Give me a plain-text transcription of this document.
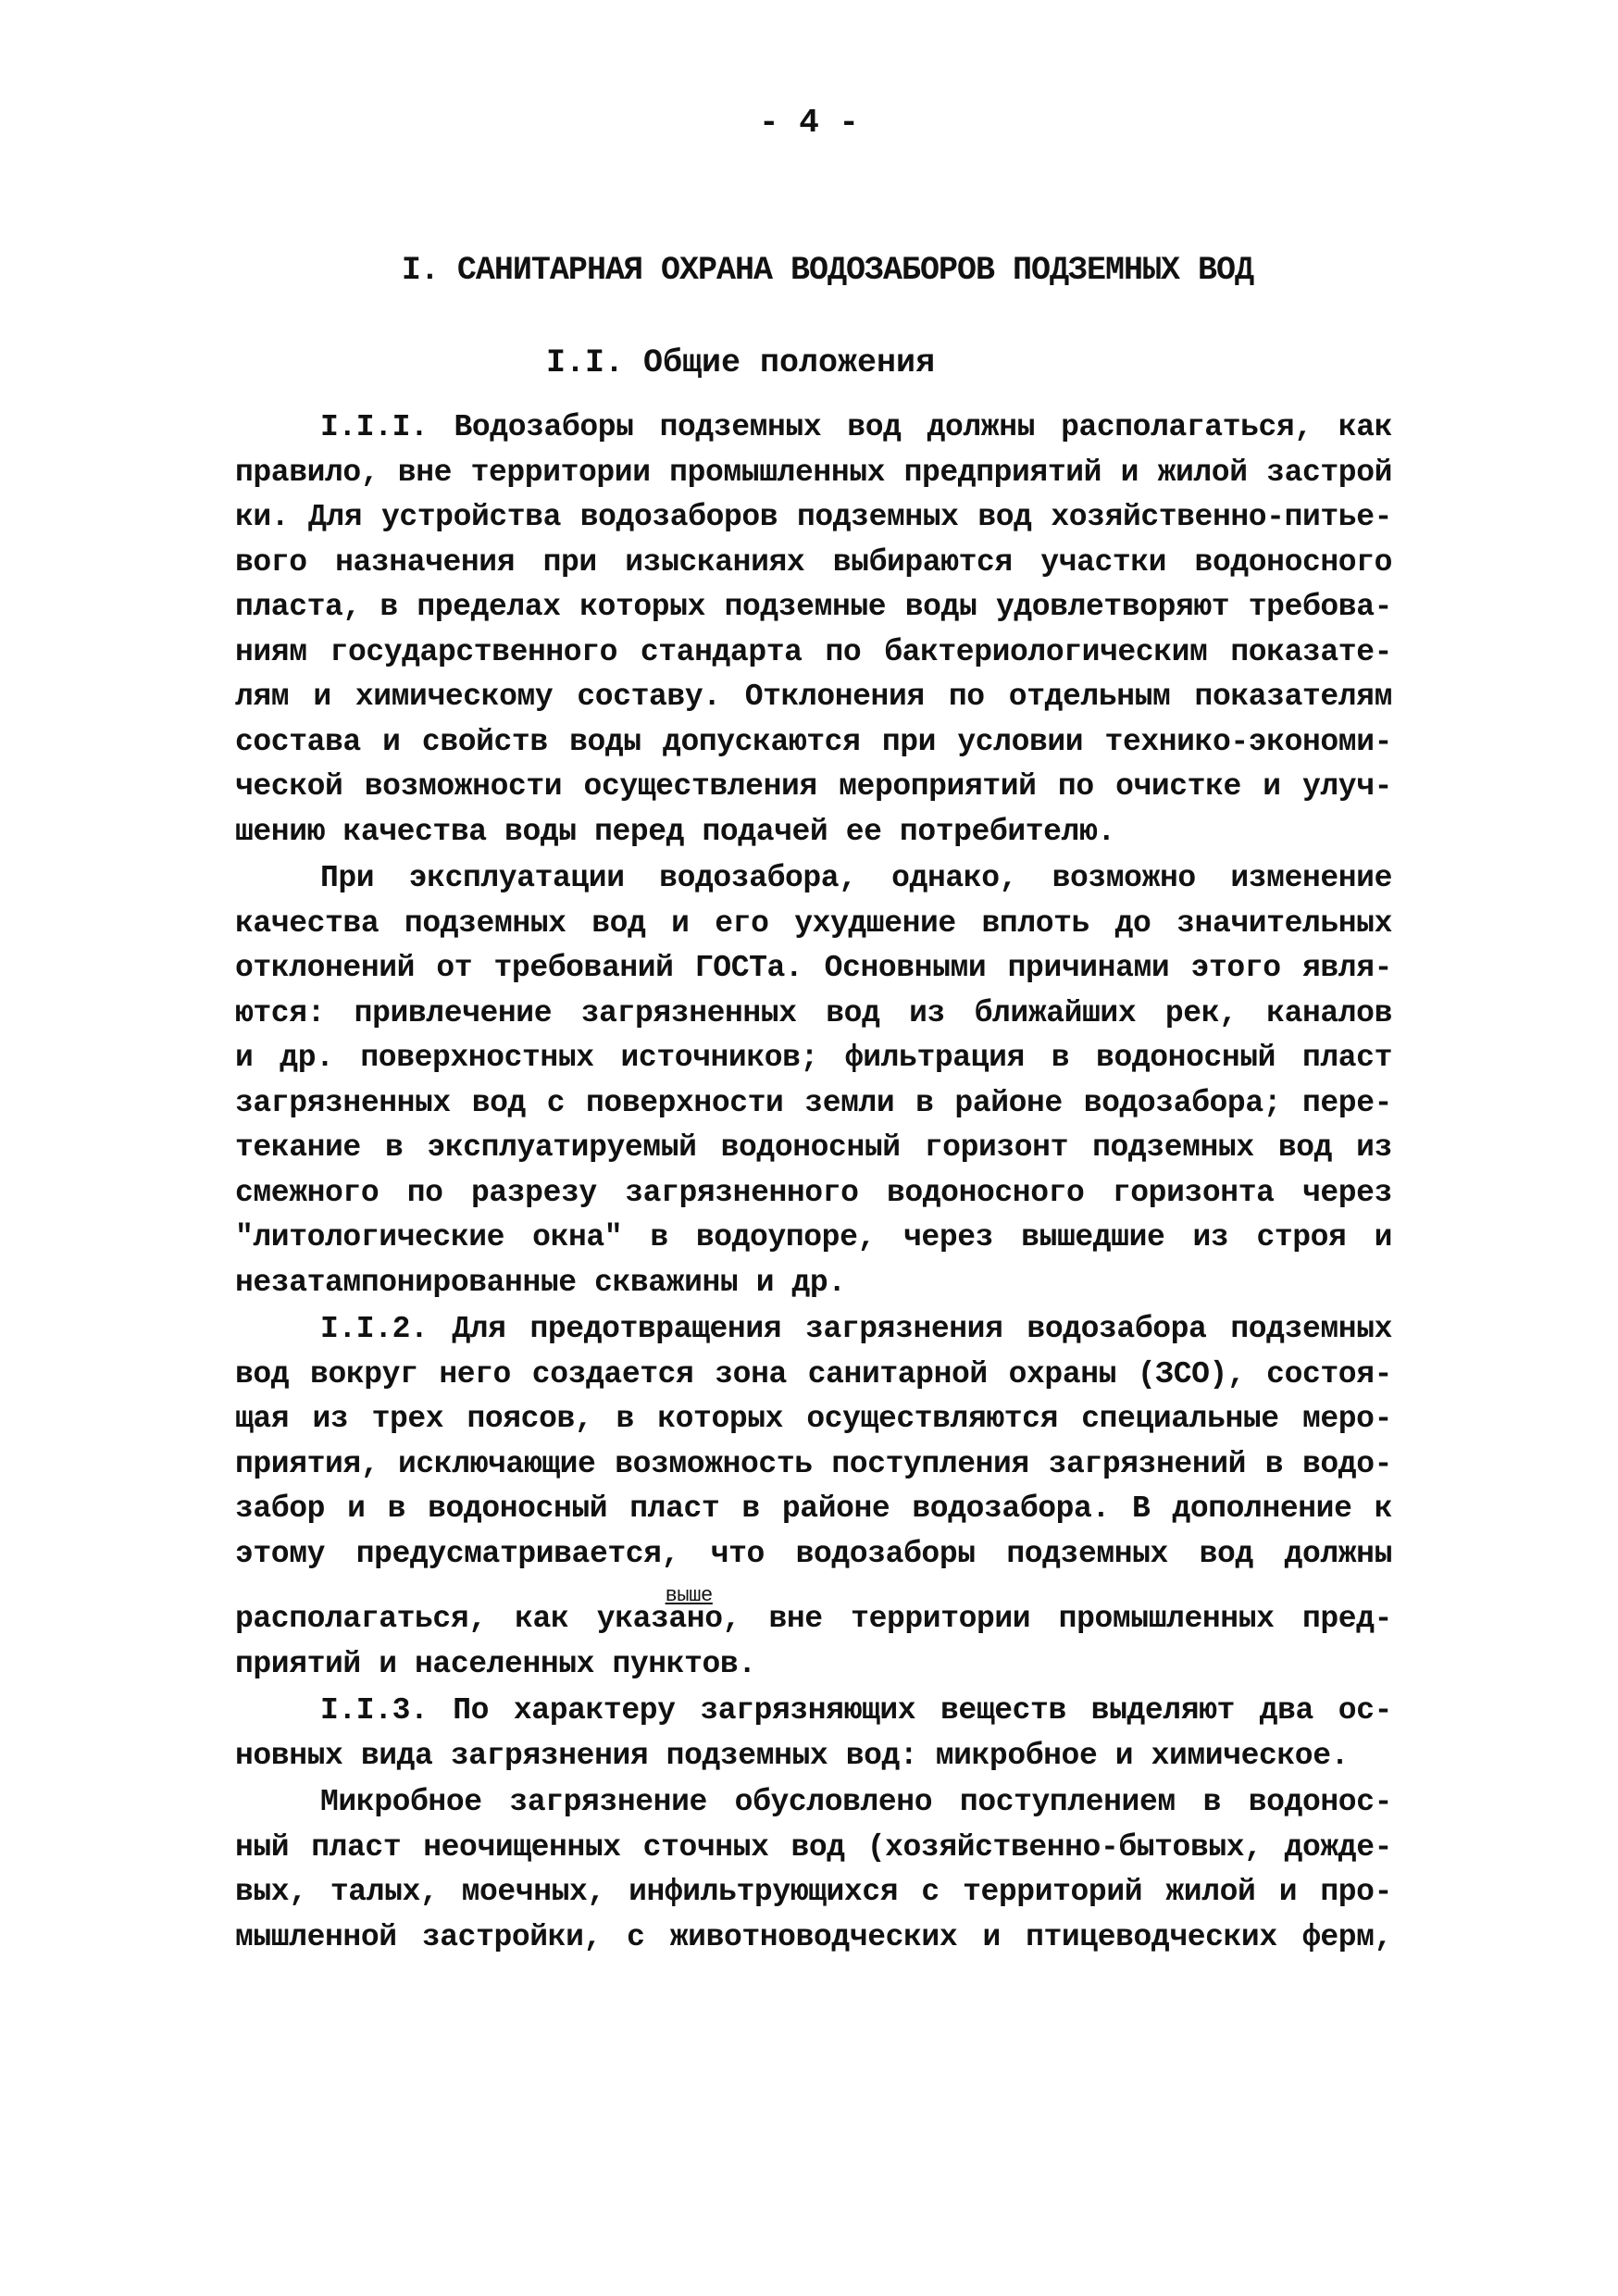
- 4 -
I. САНИТАРНАЯ ОХРАНА ВОДОЗАБОРОВ ПОДЗЕМНЫХ ВОД
I.I. Общие положения
I.I.I. Водозаборы подземных вод должны располагаться, как
правило, вне территории промышленных предприятий и жилой застрой
ки. Для устройства водозаборов подземных вод хозяйственно-питье-
вого назначения при изысканиях выбираются участки водоносного
пласта, в пределах которых подземные воды удовлетворяют требова-
ниям государственного стандарта по бактериологическим показате-
лям и химическому составу. Отклонения по отдельным показателям
состава и свойств воды допускаются при условии технико-экономи-
ческой возможности осуществления мероприятий по очистке и улуч-
шению качества воды перед подачей ее потребителю.
При эксплуатации водозабора, однако, возможно изменение
качества подземных вод и его ухудшение вплоть до значительных
отклонений от требований ГОСТа. Основными причинами этого явля-
ются: привлечение загрязненных вод из ближайших рек, каналов
и др. поверхностных источников; фильтрация в водоносный пласт
загрязненных вод с поверхности земли в районе водозабора; пере-
текание в эксплуатируемый водоносный горизонт подземных вод из
смежного по разрезу загрязненного водоносного горизонта через
"литологические окна" в водоупоре, через вышедшие из строя и
незатампонированные скважины и др.
I.I.2. Для предотвращения загрязнения водозабора подземных
вод вокруг него создается зона санитарной охраны (ЗСО), состоя-
щая из трех поясов, в которых осуществляются специальные меро-
приятия, исключающие возможность поступления загрязнений в водо-
забор и в водоносный пласт в районе водозабора. В дополнение к
этому предусматривается, что водозаборы подземных вод должны
располагаться, как указано
выше
, вне территории промышленных пред-
приятий и населенных пунктов.
I.I.3. По характеру загрязняющих веществ выделяют два ос-
новных вида загрязнения подземных вод: микробное и химическое.
Микробное загрязнение обусловлено поступлением в водонос-
ный пласт неочищенных сточных вод (хозяйственно-бытовых, дожде-
вых, талых, моечных, инфильтрующихся с территорий жилой и про-
мышленной застройки, с животноводческих и птицеводческих ферм,
